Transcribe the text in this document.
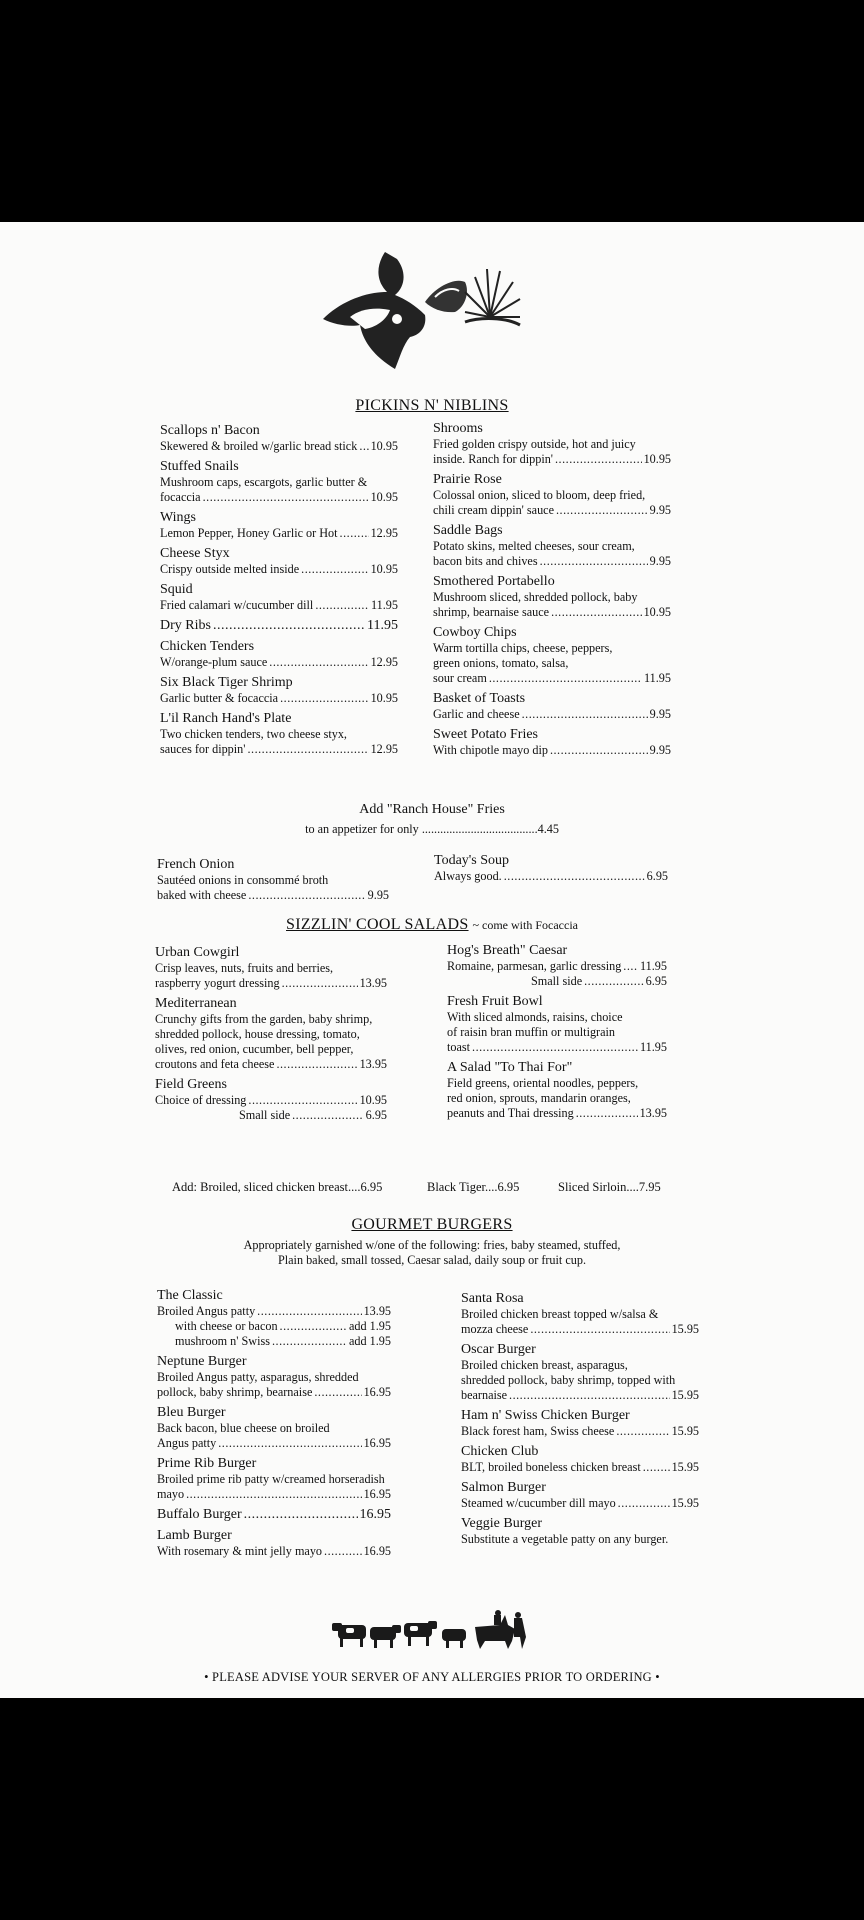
PICKINS N' NIBLINS
Scallops n' Bacon
Skewered & broiled w/garlic bread stick ..... 10.95
Stuffed Snails
Mushroom caps, escargots, garlic butter &
focaccia .....	10.95
Wings
Lemon Pepper, Honey Garlic or Hot .....	12.95
Cheese Styx
Crispy outside melted inside .....	10.95
Squid
Fried calamari w/cucumber dill .....	11.95
Dry Ribs .....	11.95
Chicken Tenders
W/orange-plum sauce .....	12.95
Six Black Tiger Shrimp
Garlic butter & focaccia .....	10.95
L'il Ranch Hand's Plate
Two chicken tenders, two cheese styx,
sauces for dippin' .....	12.95
Shrooms
Fried golden crispy outside, hot and juicy
inside. Ranch for dippin' .....	10.95
Prairie Rose
Colossal onion, sliced to bloom, deep fried,
chili cream dippin' sauce .....	9.95
Saddle Bags
Potato skins, melted cheeses, sour cream,
bacon bits and chives .....	9.95
Smothered Portabello
Mushroom sliced, shredded pollock, baby
shrimp, bearnaise sauce .....	10.95
Cowboy Chips
Warm tortilla chips, cheese, peppers,
green onions, tomato, salsa,
sour cream .....	11.95
Basket of Toasts
Garlic and cheese .....	9.95
Sweet Potato Fries
With chipotle mayo dip .....	9.95
Add "Ranch House" Fries
to an appetizer for only ......................................4.45
French Onion
Sautéed onions in consommé broth
baked with cheese .....	9.95
Today's Soup
Always good. .....	6.95
SIZZLIN' COOL SALADS ~ come with Focaccia
Urban Cowgirl
Crisp leaves, nuts, fruits and berries,
raspberry yogurt dressing .....	13.95
Mediterranean
Crunchy gifts from the garden, baby shrimp,
shredded pollock, house dressing, tomato,
olives, red onion, cucumber, bell pepper,
croutons and feta cheese .....	13.95
Field Greens
Choice of dressing .....	10.95
Small side .....	6.95
Hog's Breath" Caesar
Romaine, parmesan, garlic dressing ..... 11.95
Small side .....	6.95
Fresh Fruit Bowl
With sliced almonds, raisins, choice
of raisin bran muffin or multigrain
toast .....	11.95
A Salad "To Thai For"
Field greens, oriental noodles, peppers,
red onion, sprouts, mandarin oranges,
peanuts and Thai dressing .....	13.95
Add: Broiled, sliced chicken breast....6.95	Black Tiger....6.95	Sliced Sirloin....7.95
GOURMET BURGERS
Appropriately garnished w/one of the following: fries, baby steamed, stuffed,
Plain baked, small tossed, Caesar salad, daily soup or fruit cup.
The Classic
Broiled Angus patty .....	13.95
with cheese or bacon .....	add 1.95
mushroom n' Swiss .....	add 1.95
Neptune Burger
Broiled Angus patty, asparagus, shredded
pollock, baby shrimp, bearnaise .....	16.95
Bleu Burger
Back bacon, blue cheese on broiled
Angus patty .....	16.95
Prime Rib Burger
Broiled prime rib patty w/creamed horseradish
mayo .....	16.95
Buffalo Burger .....	16.95
Lamb Burger
With rosemary & mint jelly mayo .....	16.95
Santa Rosa
Broiled chicken breast topped w/salsa &
mozza cheese .....	15.95
Oscar Burger
Broiled chicken breast, asparagus,
shredded pollock, baby shrimp, topped with
bearnaise .....	15.95
Ham n' Swiss Chicken Burger
Black forest ham, Swiss cheese .....	15.95
Chicken Club
BLT, broiled boneless chicken breast .....	15.95
Salmon Burger
Steamed w/cucumber dill mayo .....	15.95
Veggie Burger
Substitute a vegetable patty on any burger.
• PLEASE ADVISE YOUR SERVER OF ANY ALLERGIES PRIOR TO ORDERING •
